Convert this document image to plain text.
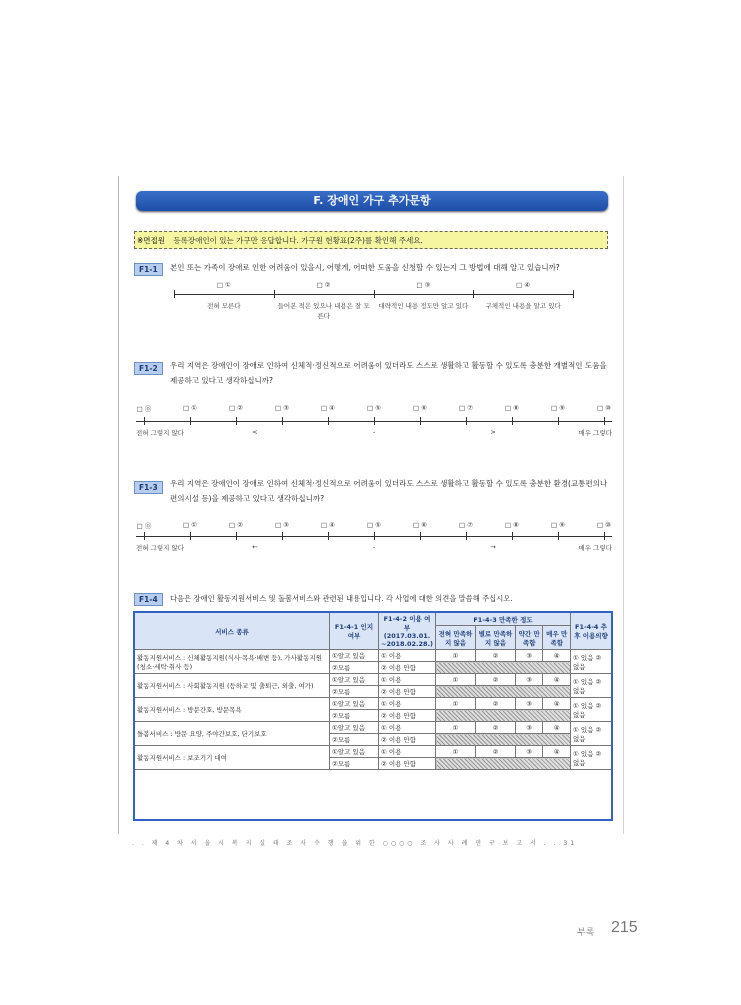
F. 장애인 가구 추가문항
※면접원 등록장애인이 있는 가구만 응답합니다. 가구원 현황표(2주)를 확인해 주세요.
F1-1	본인 또는 가족이 장애로 인한 어려움이 있을시, 어떻게, 어떠한 도움을 신청할 수 있는지 그 방법에 대해 알고 있습니까?
F1-2	우리 지역은 장애인이 장애로 인하여 신체적·정신적으로 어려움이 있더라도 스스로 생활하고 활동할 수 있도록 충분한 개별적인 도움을 제공하고 있다고 생각하십니까?
F1-3	우리 지역은 장애인이 장애로 인하여 신체적·정신적으로 어려움이 있더라도 스스로 생활하고 활동할 수 있도록 충분한 환경(교통편의나 편의시설 등)을 제공하고 있다고 생각하십니까?
F1-4	다음은 장애인 활동지원서비스 및 돌봄서비스와 관련된 내용입니다. 각 사업에 대한 의견을 말씀해 주십시오.
서비스 종류	F1-4-1 인지 여부	F1-4-2 이용 여부 (2017.03.01. ~2018.02.28.)	F1-4-3 만족한 정도				F1-4-4 추후 이용의향
			전혀 만족하지 않음	별로 만족하지 않음	약간 만족함	매우 만족함	
활동지원서비스 : 신체활동지원(식사·목욕·배변 등), 가사활동지원(청소·세탁·취사 등)	①알고 있음	① 이용	①	②	③	④	① 있음 ② 없음
	②모름	② 이용 안함					
활동지원서비스 : 사회활동지원 (등하교 및 출퇴근, 외출, 여가)	①알고 있음	① 이용	①	②	③	④	① 있음 ② 없음
	②모름	② 이용 안함					
활동지원서비스 : 방문간호, 방문목욕	①알고 있음	① 이용	①	②	③	④	① 있음 ② 없음
	②모름	② 이용 안함					
돌봄서비스 : 방문 요양, 주야간보호, 단기보호	①알고 있음	① 이용	①	②	③	④	① 있음 ② 없음
	②모름	② 이용 안함					
활동지원서비스 : 보조기기 대여	①알고 있음	① 이용	①	②	③	④	① 있음 ② 없음
	②모름	② 이용 안함					
. . 제 4 차 서 울 시 복 지 실 태 조 사 수 행 을 위 한 ○○○○ 조 사 사 례 연 구 보 고 서 . . 31
부록 215
□ ①	□ ②	□ ③	□ ④
전혀 모른다	들어본 적은 있으나 내용은 잘 모른다
대략적인 내용 정도만 알고 있다	구체적인 내용을 알고 있다
□ ⓪	□ ①	□ ②	□ ③	□ ④	□ ⑤	□ ⑥	□ ⑦	□ ⑧	□ ⑨	□ ⑩
전혀 그렇지 않다	<	-	>	매우 그렇다
□ ⓪	□ ①	□ ②	□ ③	□ ④	□ ⑤	□ ⑥	□ ⑦	□ ⑧	□ ⑨	□ ⑩
전혀 그렇지 않다	←	-	→	매우 그렇다
